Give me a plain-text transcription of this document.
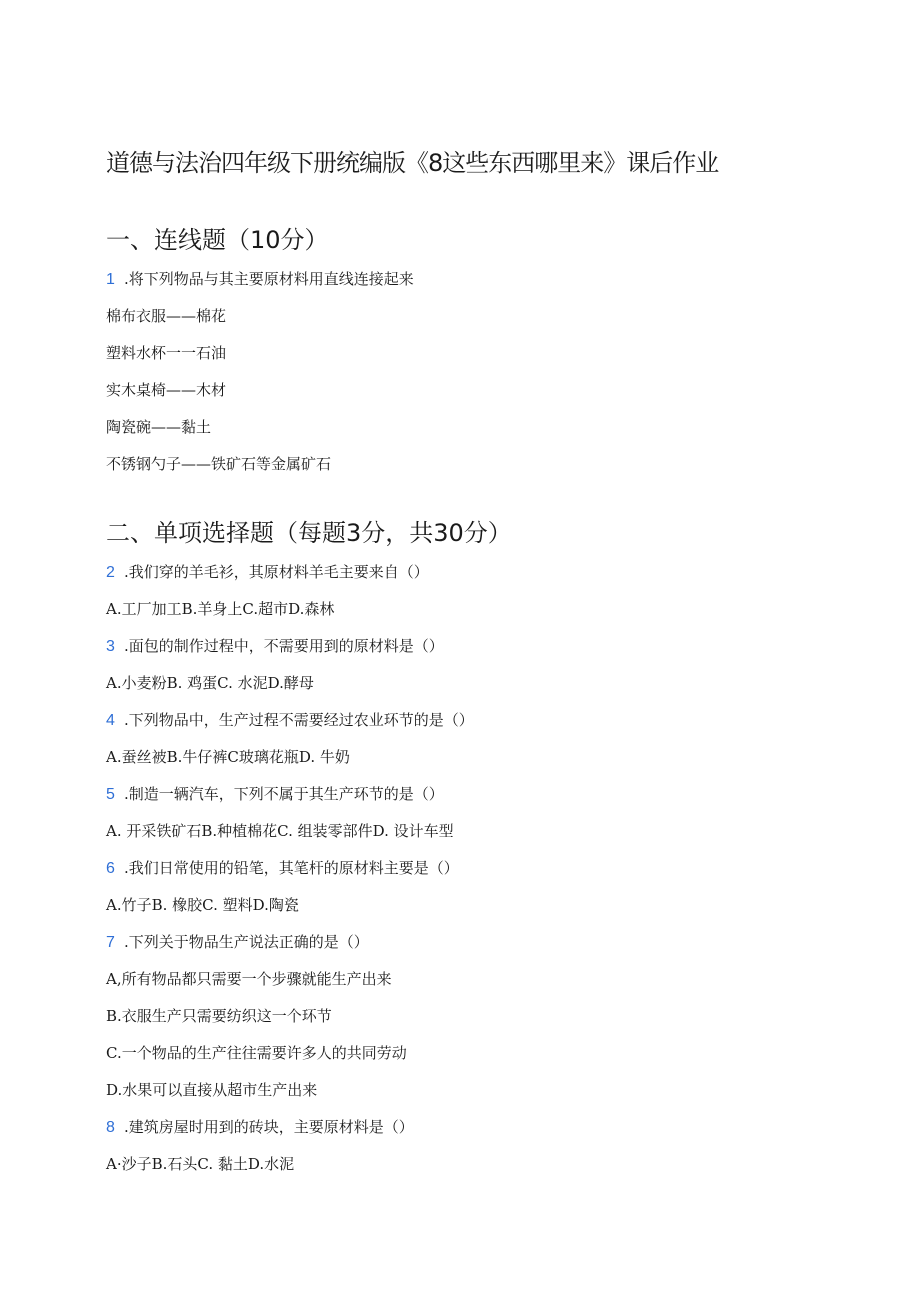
道德与法治四年级下册统编版《8这些东西哪里来》课后作业
一、连线题（10分）
1 .将下列物品与其主要原材料用直线连接起来
棉布衣服——棉花
塑料水杯一一石油
实木桌椅——木材
陶瓷碗——黏土
不锈钢勺子——铁矿石等金属矿石
二、单项选择题（每题3分，共30分）
2 .我们穿的羊毛衫，其原材料羊毛主要来自（）
A.工厂加工B.羊身上C.超市D.森林
3 .面包的制作过程中，不需要用到的原材料是（）
A.小麦粉B. 鸡蛋C. 水泥D.酵母
4 .下列物品中，生产过程不需要经过农业环节的是（）
A.蚕丝被B.牛仔裤C玻璃花瓶D. 牛奶
5 .制造一辆汽车，下列不属于其生产环节的是（）
A. 开采铁矿石B.种植棉花C. 组装零部件D. 设计车型
6 .我们日常使用的铅笔，其笔杆的原材料主要是（）
A.竹子B. 橡胶C. 塑料D.陶瓷
7 .下列关于物品生产说法正确的是（）
A,所有物品都只需要一个步骤就能生产出来
B.衣服生产只需要纺织这一个环节
C.一个物品的生产往往需要许多人的共同劳动
D.水果可以直接从超市生产出来
8 .建筑房屋时用到的砖块，主要原材料是（）
A·沙子B.石头C. 黏土D.水泥
